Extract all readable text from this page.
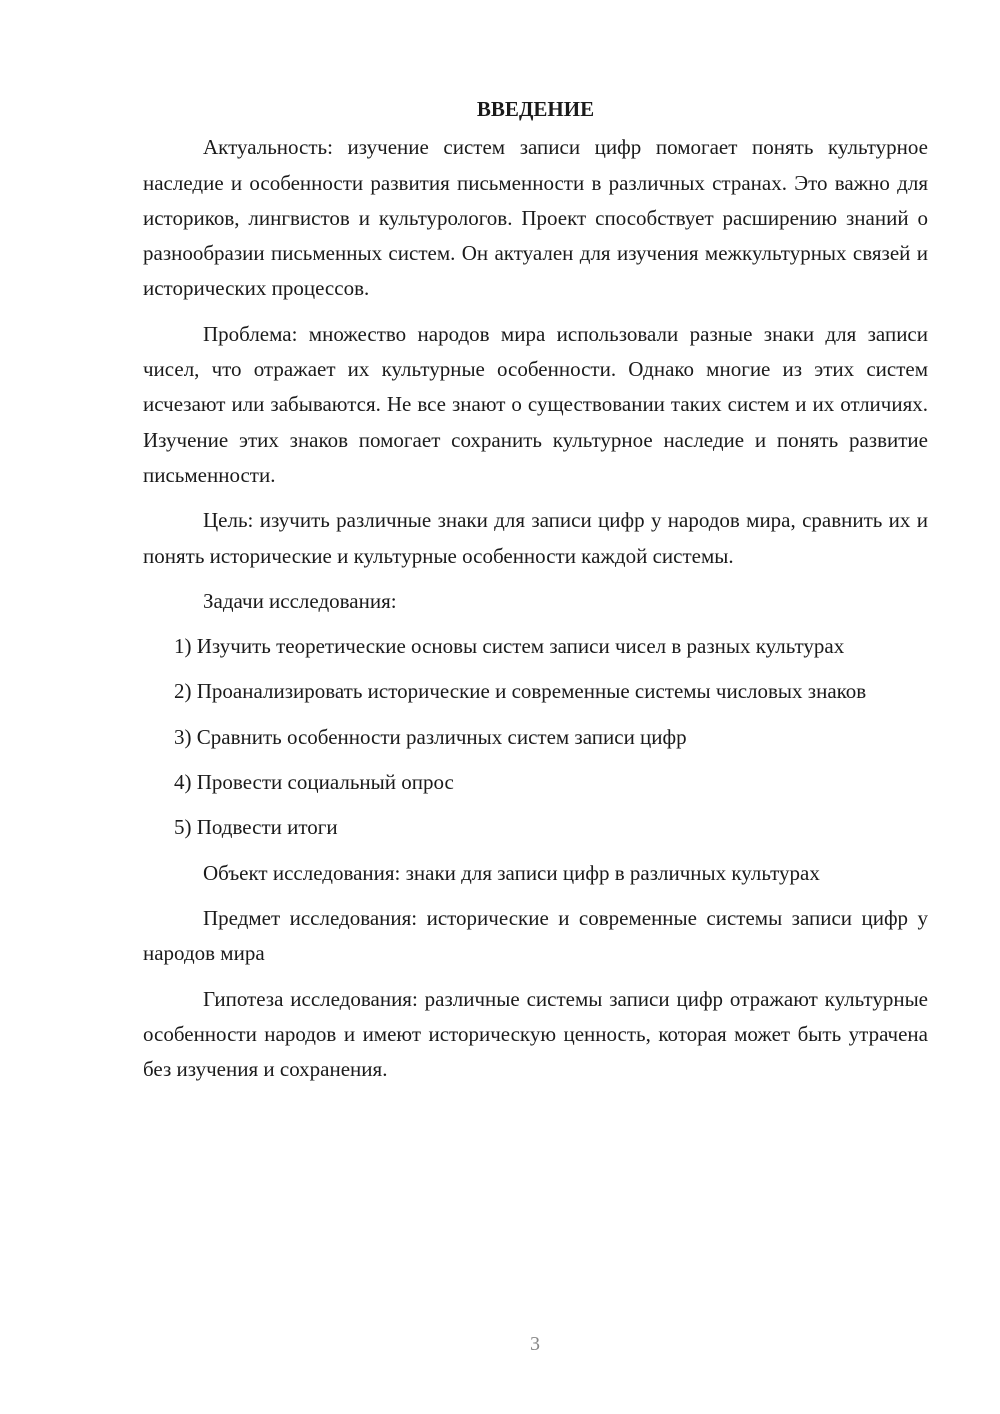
ВВЕДЕНИЕ

Актуальность: изучение систем записи цифр помогает понять культурное наследие и особенности развития письменности в различных странах. Это важно для историков, лингвистов и культурологов. Проект способствует расширению знаний о разнообразии письменных систем. Он актуален для изучения межкультурных связей и исторических процессов.

Проблема: множество народов мира использовали разные знаки для записи чисел, что отражает их культурные особенности. Однако многие из этих систем исчезают или забываются. Не все знают о существовании таких систем и их отличиях. Изучение этих знаков помогает сохранить культурное наследие и понять развитие письменности.

Цель: изучить различные знаки для записи цифр у народов мира, сравнить их и понять исторические и культурные особенности каждой системы.

Задачи исследования:

1) Изучить теоретические основы систем записи чисел в разных культурах

2) Проанализировать исторические и современные системы числовых знаков

3) Сравнить особенности различных систем записи цифр

4) Провести социальный опрос

5) Подвести итоги

Объект исследования: знаки для записи цифр в различных культурах

Предмет исследования: исторические и современные системы записи цифр у народов мира

Гипотеза исследования: различные системы записи цифр отражают культурные особенности народов и имеют историческую ценность, которая может быть утрачена без изучения и сохранения.

3
